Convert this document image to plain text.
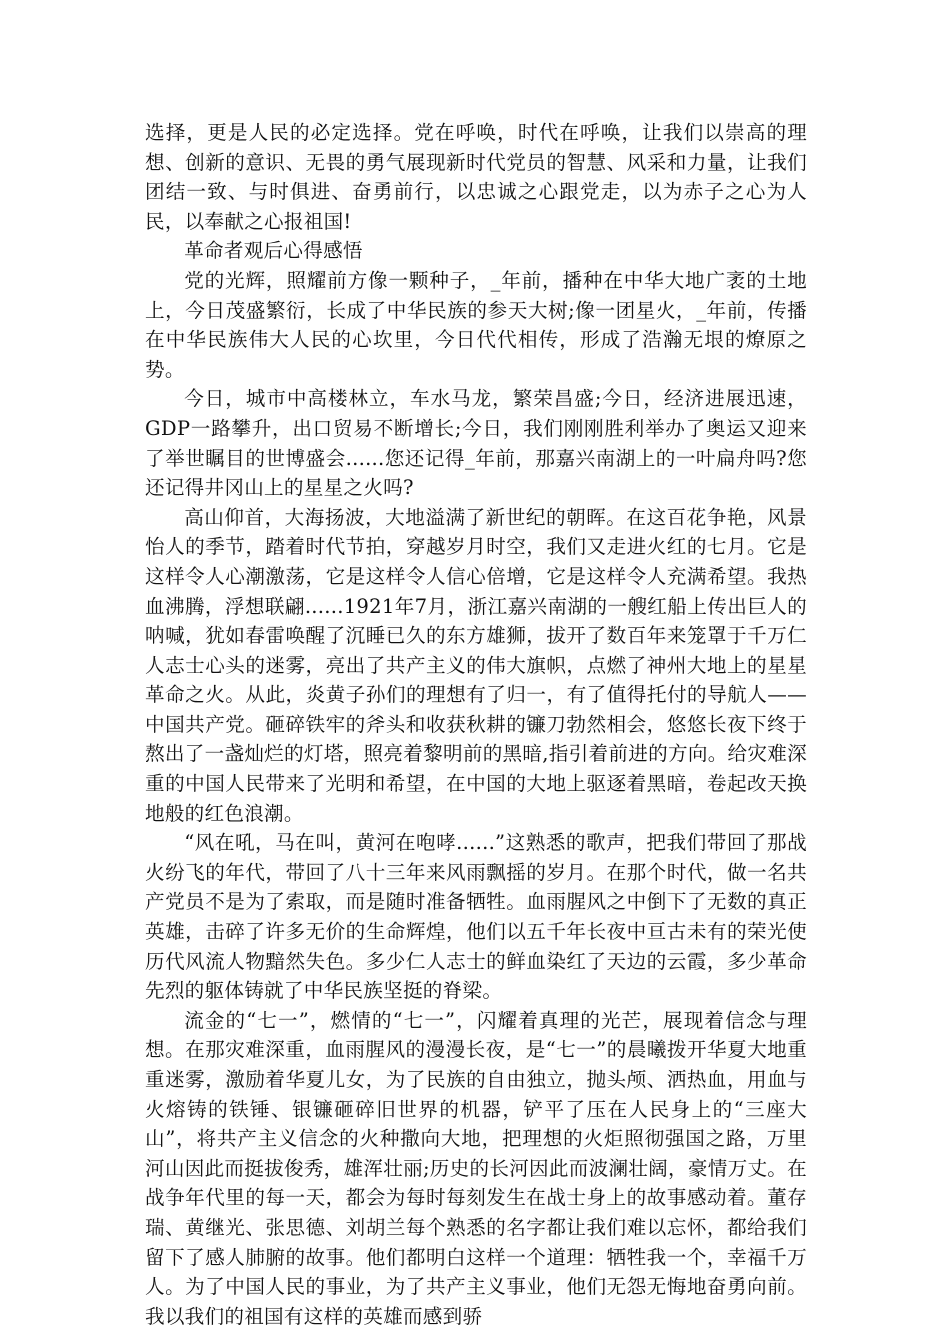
选择，更是人民的必定选择。党在呼唤，时代在呼唤，让我们以崇高的理想、创新的意识、无畏的勇气展现新时代党员的智慧、风采和力量，让我们团结一致、与时俱进、奋勇前行，以忠诚之心跟党走，以为赤子之心为人民，以奉献之心报祖国!

革命者观后心得感悟

党的光辉，照耀前方像一颗种子，_年前，播种在中华大地广袤的土地上，今日茂盛繁衍，长成了中华民族的参天大树;像一团星火，_年前，传播在中华民族伟大人民的心坎里，今日代代相传，形成了浩瀚无垠的燎原之势。

今日，城市中高楼林立，车水马龙，繁荣昌盛;今日，经济进展迅速，GDP一路攀升，出口贸易不断增长;今日，我们刚刚胜利举办了奥运又迎来了举世瞩目的世博盛会......您还记得_年前，那嘉兴南湖上的一叶扁舟吗?您还记得井冈山上的星星之火吗?

高山仰首，大海扬波，大地溢满了新世纪的朝晖。在这百花争艳，风景怡人的季节，踏着时代节拍，穿越岁月时空，我们又走进火红的七月。它是这样令人心潮激荡，它是这样令人信心倍增，它是这样令人充满希望。我热血沸腾，浮想联翩......1921年7月，浙江嘉兴南湖的一艘红船上传出巨人的呐喊，犹如春雷唤醒了沉睡已久的东方雄狮，拔开了数百年来笼罩于千万仁人志士心头的迷雾，亮出了共产主义的伟大旗帜，点燃了神州大地上的星星革命之火。从此，炎黄子孙们的理想有了归一，有了值得托付的导航人——中国共产党。砸碎铁牢的斧头和收获秋耕的镰刀勃然相会，悠悠长夜下终于熬出了一盏灿烂的灯塔，照亮着黎明前的黑暗,指引着前进的方向。给灾难深重的中国人民带来了光明和希望，在中国的大地上驱逐着黑暗，卷起改天换地般的红色浪潮。

“风在吼，马在叫，黄河在咆哮......”这熟悉的歌声，把我们带回了那战火纷飞的年代，带回了八十三年来风雨飘摇的岁月。在那个时代，做一名共产党员不是为了索取，而是随时准备牺牲。血雨腥风之中倒下了无数的真正英雄，击碎了许多无价的生命辉煌，他们以五千年长夜中亘古未有的荣光使历代风流人物黯然失色。多少仁人志士的鲜血染红了天边的云霞，多少革命先烈的躯体铸就了中华民族坚挺的脊梁。

流金的“七一”，燃情的“七一”，闪耀着真理的光芒，展现着信念与理想。在那灾难深重，血雨腥风的漫漫长夜，是“七一”的晨曦拨开华夏大地重重迷雾，激励着华夏儿女，为了民族的自由独立，抛头颅、洒热血，用血与火熔铸的铁锤、银镰砸碎旧世界的机器，铲平了压在人民身上的“三座大山”，将共产主义信念的火种撒向大地，把理想的火炬照彻强国之路，万里河山因此而挺拔俊秀，雄浑壮丽;历史的长河因此而波澜壮阔，豪情万丈。在战争年代里的每一天，都会为每时每刻发生在战士身上的故事感动着。董存瑞、黄继光、张思德、刘胡兰每个熟悉的名字都让我们难以忘怀，都给我们留下了感人肺腑的故事。他们都明白这样一个道理：牺牲我一个，幸福千万人。为了中国人民的事业，为了共产主义事业，他们无怨无悔地奋勇向前。我以我们的祖国有这样的英雄而感到骄
